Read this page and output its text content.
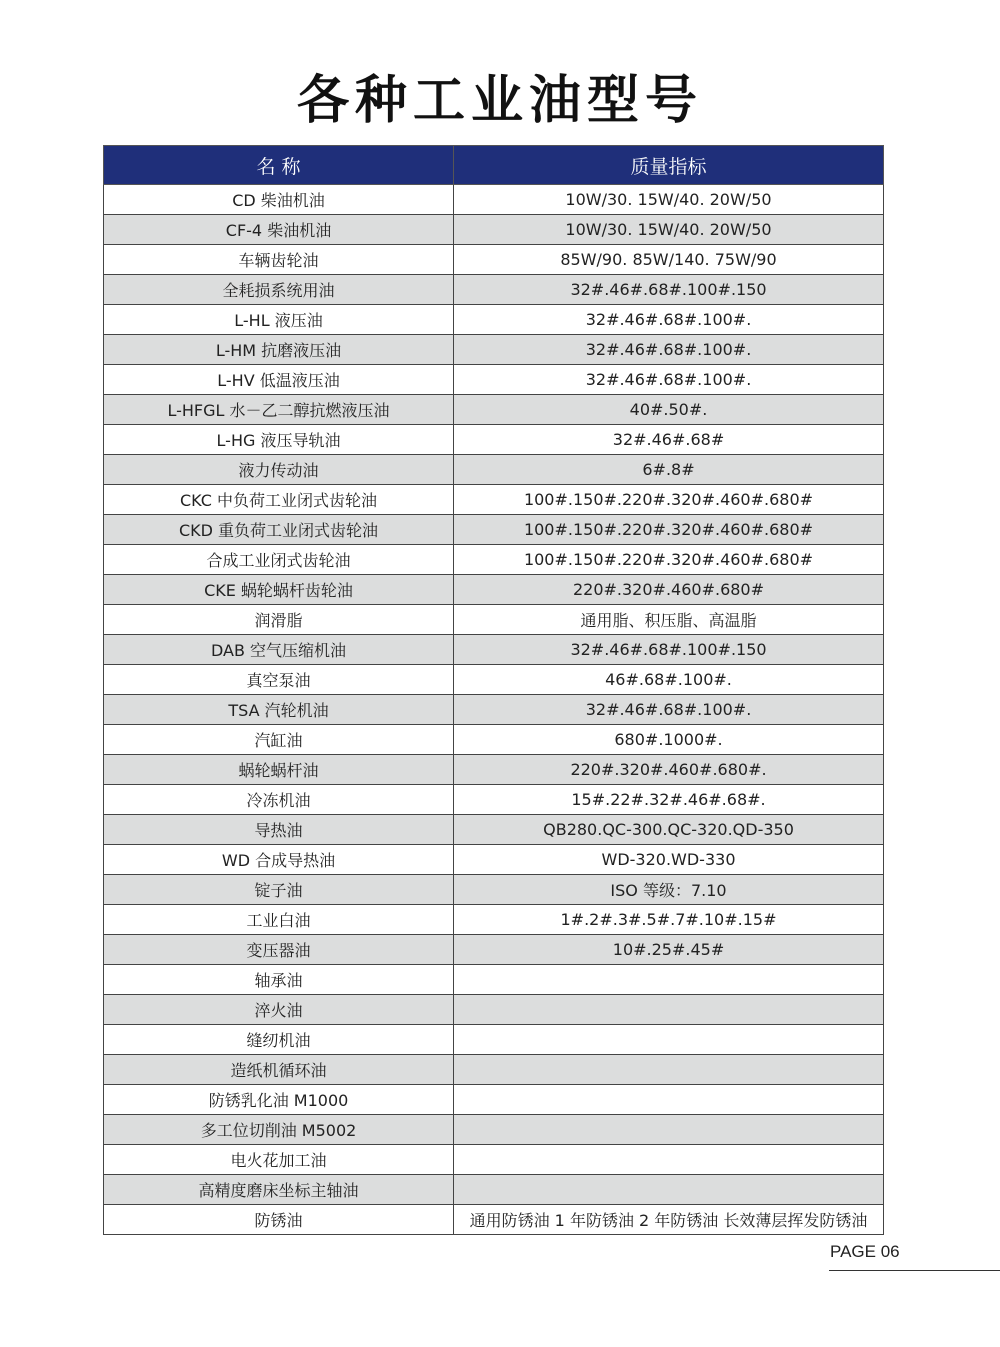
各种工业油型号
名 称	质量指标
CD 柴油机油	10W/30. 15W/40. 20W/50
CF-4 柴油机油	10W/30. 15W/40. 20W/50
车辆齿轮油	85W/90. 85W/140. 75W/90
全耗损系统用油	32#.46#.68#.100#.150
L-HL 液压油	32#.46#.68#.100#.
L-HM 抗磨液压油	32#.46#.68#.100#.
L-HV 低温液压油	32#.46#.68#.100#.
L-HFGL 水－乙二醇抗燃液压油	40#.50#.
L-HG 液压导轨油	32#.46#.68#
液力传动油	6#.8#
CKC 中负荷工业闭式齿轮油	100#.150#.220#.320#.460#.680#
CKD 重负荷工业闭式齿轮油	100#.150#.220#.320#.460#.680#
合成工业闭式齿轮油	100#.150#.220#.320#.460#.680#
CKE 蜗轮蜗杆齿轮油	220#.320#.460#.680#
润滑脂	通用脂、积压脂、高温脂
DAB 空气压缩机油	32#.46#.68#.100#.150
真空泵油	46#.68#.100#.
TSA 汽轮机油	32#.46#.68#.100#.
汽缸油	680#.1000#.
蜗轮蜗杆油	220#.320#.460#.680#.
冷冻机油	15#.22#.32#.46#.68#.
导热油	QB280.QC-300.QC-320.QD-350
WD 合成导热油	WD-320.WD-330
锭子油	ISO 等级：7.10
工业白油	1#.2#.3#.5#.7#.10#.15#
变压器油	10#.25#.45#
轴承油	
淬火油	
缝纫机油	
造纸机循环油	
防锈乳化油 M1000	
多工位切削油 M5002	
电火花加工油	
高精度磨床坐标主轴油	
防锈油	通用防锈油 1 年防锈油 2 年防锈油 长效薄层挥发防锈油
PAGE 06
